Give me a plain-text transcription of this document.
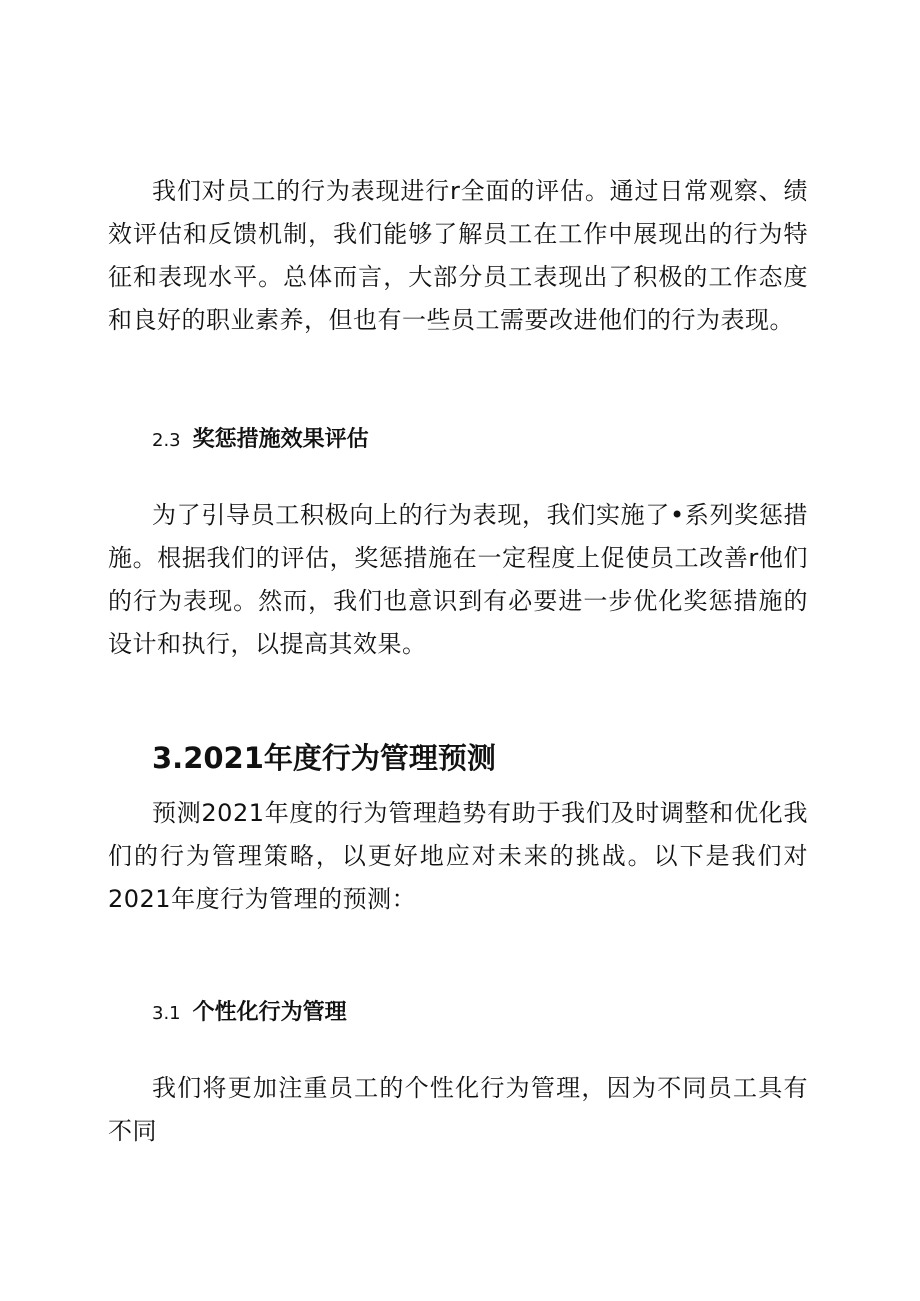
我们对员工的行为表现进行r全面的评估。通过日常观察、绩效评估和反馈机制，我们能够了解员工在工作中展现出的行为特征和表现水平。总体而言，大部分员工表现出了积极的工作态度和良好的职业素养，但也有一些员工需要改进他们的行为表现。

2.3 奖惩措施效果评估

为了引导员工积极向上的行为表现，我们实施了•系列奖惩措施。根据我们的评估，奖惩措施在一定程度上促使员工改善r他们的行为表现。然而，我们也意识到有必要进一步优化奖惩措施的设计和执行，以提高其效果。

3.2021年度行为管理预测

预测2021年度的行为管理趋势有助于我们及时调整和优化我们的行为管理策略，以更好地应对未来的挑战。以下是我们对2021年度行为管理的预测：

3.1 个性化行为管理

我们将更加注重员工的个性化行为管理，因为不同员工具有不同
